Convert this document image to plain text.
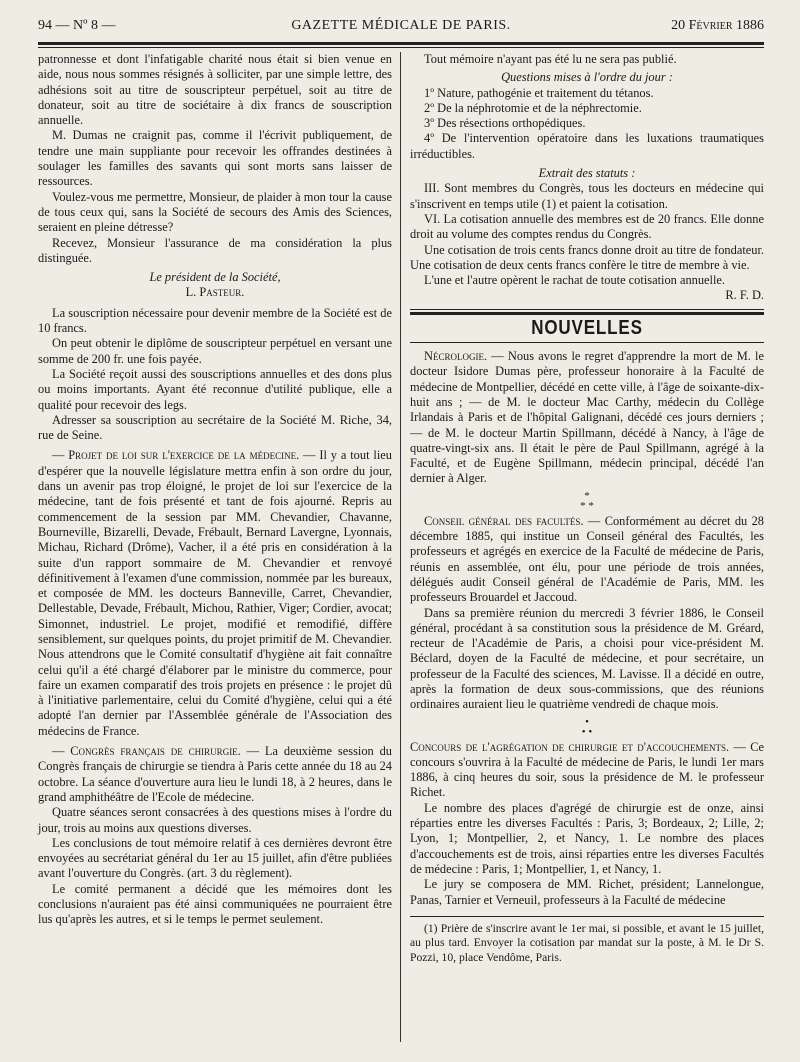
94 — Nº 8 —	GAZETTE MÉDICALE DE PARIS.	20 Février 1886

patronnesse et dont l'infatigable charité nous était si bien venue en aide, nous nous sommes résignés à solliciter, par une simple lettre, des adhésions soit au titre de souscripteur perpétuel, soit au titre de donateur, soit au titre de sociétaire à dix francs de souscription annuelle.

M. Dumas ne craignit pas, comme il l'écrivit publiquement, de tendre une main suppliante pour recevoir les offrandes destinées à soulager les familles des savants qui sont morts sans laisser de ressources.

Voulez-vous me permettre, Monsieur, de plaider à mon tour la cause de tous ceux qui, sans la Société de secours des Amis des Sciences, seraient en pleine détresse?

Recevez, Monsieur l'assurance de ma considération la plus distinguée.

Le président de la Société,

L. Pasteur.

La souscription nécessaire pour devenir membre de la Société est de 10 francs.

On peut obtenir le diplôme de souscripteur perpétuel en versant une somme de 200 fr. une fois payée.

La Société reçoit aussi des souscriptions annuelles et des dons plus ou moins importants. Ayant été reconnue d'utilité publique, elle a qualité pour recevoir des legs.

Adresser sa souscription au secrétaire de la Société M. Riche, 34, rue de Seine.

— Projet de loi sur l'exercice de la médecine. — Il y a tout lieu d'espérer que la nouvelle législature mettra enfin à son ordre du jour, dans un avenir pas trop éloigné, le projet de loi sur l'exercice de la médecine, tant de fois présenté et tant de fois ajourné. Repris au commencement de la session par MM. Chevandier, Chavanne, Bourneville, Bizarelli, Devade, Frébault, Bernard Lavergne, Lyonnais, Michau, Richard (Drôme), Vacher, il a été pris en considération à la suite d'un rapport sommaire de M. Chevandier et renvoyé définitivement à l'examen d'une commission, nommée par les bureaux, et composée de MM. les docteurs Banneville, Carret, Chevandier, Dellestable, Devade, Frébault, Michou, Rathier, Viger; Cordier, avocat; Simonnet, industriel. Le projet, modifié et remodifié, diffère sensiblement, sur quelques points, du projet primitif de M. Chevandier. Nous attendrons que le Comité consultatif d'hygiène ait fait connaître celui qu'il a été chargé d'élaborer par le ministre du commerce, pour faire un examen comparatif des trois projets en présence : le projet dû à l'initiative parlementaire, celui du Comité d'hygiène, celui qui a été adopté l'an dernier par l'Assemblée générale de l'Association des médecins de France.

— Congrès français de chirurgie. — La deuxième session du Congrès français de chirurgie se tiendra à Paris cette année du 18 au 24 octobre. La séance d'ouverture aura lieu le lundi 18, à 2 heures, dans le grand amphithéâtre de l'Ecole de médecine.

Quatre séances seront consacrées à des questions mises à l'ordre du jour, trois au moins aux questions diverses.

Les conclusions de tout mémoire relatif à ces dernières devront être envoyées au secrétariat général du 1er au 15 juillet, afin d'être publiées avant l'ouverture du Congrès. (art. 3 du règlement).

Le comité permanent a décidé que les mémoires dont les conclusions n'auraient pas été ainsi communiquées ne pourraient être lus qu'après les autres, et si le temps le permet seulement.

Tout mémoire n'ayant pas été lu ne sera pas publié.

Questions mises à l'ordre du jour :

1º Nature, pathogénie et traitement du tétanos.

2º De la néphrotomie et de la néphrectomie.

3º Des résections orthopédiques.

4º De l'intervention opératoire dans les luxations traumatiques irréductibles.

Extrait des statuts :

III. Sont membres du Congrès, tous les docteurs en médecine qui s'inscrivent en temps utile (1) et paient la cotisation.

VI. La cotisation annuelle des membres est de 20 francs. Elle donne droit au volume des comptes rendus du Congrès.

Une cotisation de trois cents francs donne droit au titre de fondateur. Une cotisation de deux cents francs confère le titre de membre à vie.

L'une et l'autre opèrent le rachat de toute cotisation annuelle.

R. F. D.

NOUVELLES

Nécrologie. — Nous avons le regret d'apprendre la mort de M. le docteur Isidore Dumas père, professeur honoraire à la Faculté de médecine de Montpellier, décédé en cette ville, à l'âge de soixante-dix-huit ans ; — de M. le docteur Mac Carthy, médecin du Collège Irlandais à Paris et de l'hôpital Galignani, décédé ces jours derniers ; — de M. le docteur Martin Spillmann, décédé à Nancy, à l'âge de quatre-vingt-six ans. Il était le père de Paul Spillmann, agrégé à la Faculté, et de Eugène Spillmann, médecin principal, décédé l'an dernier à Alger.

*
* *

Conseil général des facultés. — Conformément au décret du 28 décembre 1885, qui institue un Conseil général des Facultés, les professeurs et agrégés en exercice de la Faculté de médecine de Paris, réunis en assemblée, ont élu, pour une période de trois années, délégués audit Conseil général de l'Académie de Paris, MM. les professeurs Brouardel et Jaccoud.

Dans sa première réunion du mercredi 3 février 1886, le Conseil général, procédant à sa constitution sous la présidence de M. Gréard, recteur de l'Académie de Paris, a choisi pour vice-président M. Béclard, doyen de la Faculté de médecine, et pour secrétaire, un professeur de la Faculté des sciences, M. Lavisse. Il a décidé en outre, après la formation de deux sous-commissions, que des réunions ordinaires auraient lieu le quatrième vendredi de chaque mois.

•
• •

Concours de l'agrégation de chirurgie et d'accouchements. — Ce concours s'ouvrira à la Faculté de médecine de Paris, le lundi 1er mars 1886, à cinq heures du soir, sous la présidence de M. le professeur Richet.

Le nombre des places d'agrégé de chirurgie est de onze, ainsi réparties entre les diverses Facultés : Paris, 3; Bordeaux, 2; Lille, 2; Lyon, 1; Montpellier, 2, et Nancy, 1. Le nombre des places d'accouchements est de trois, ainsi réparties entre les diverses Facultés de médecine : Paris, 1; Montpellier, 1, et Nancy, 1.

Le jury se composera de MM. Richet, président; Lannelongue, Panas, Tarnier et Verneuil, professeurs à la Faculté de médecine

(1) Prière de s'inscrire avant le 1er mai, si possible, et avant le 15 juillet, au plus tard. Envoyer la cotisation par mandat sur la poste, à M. le Dr S. Pozzi, 10, place Vendôme, Paris.
